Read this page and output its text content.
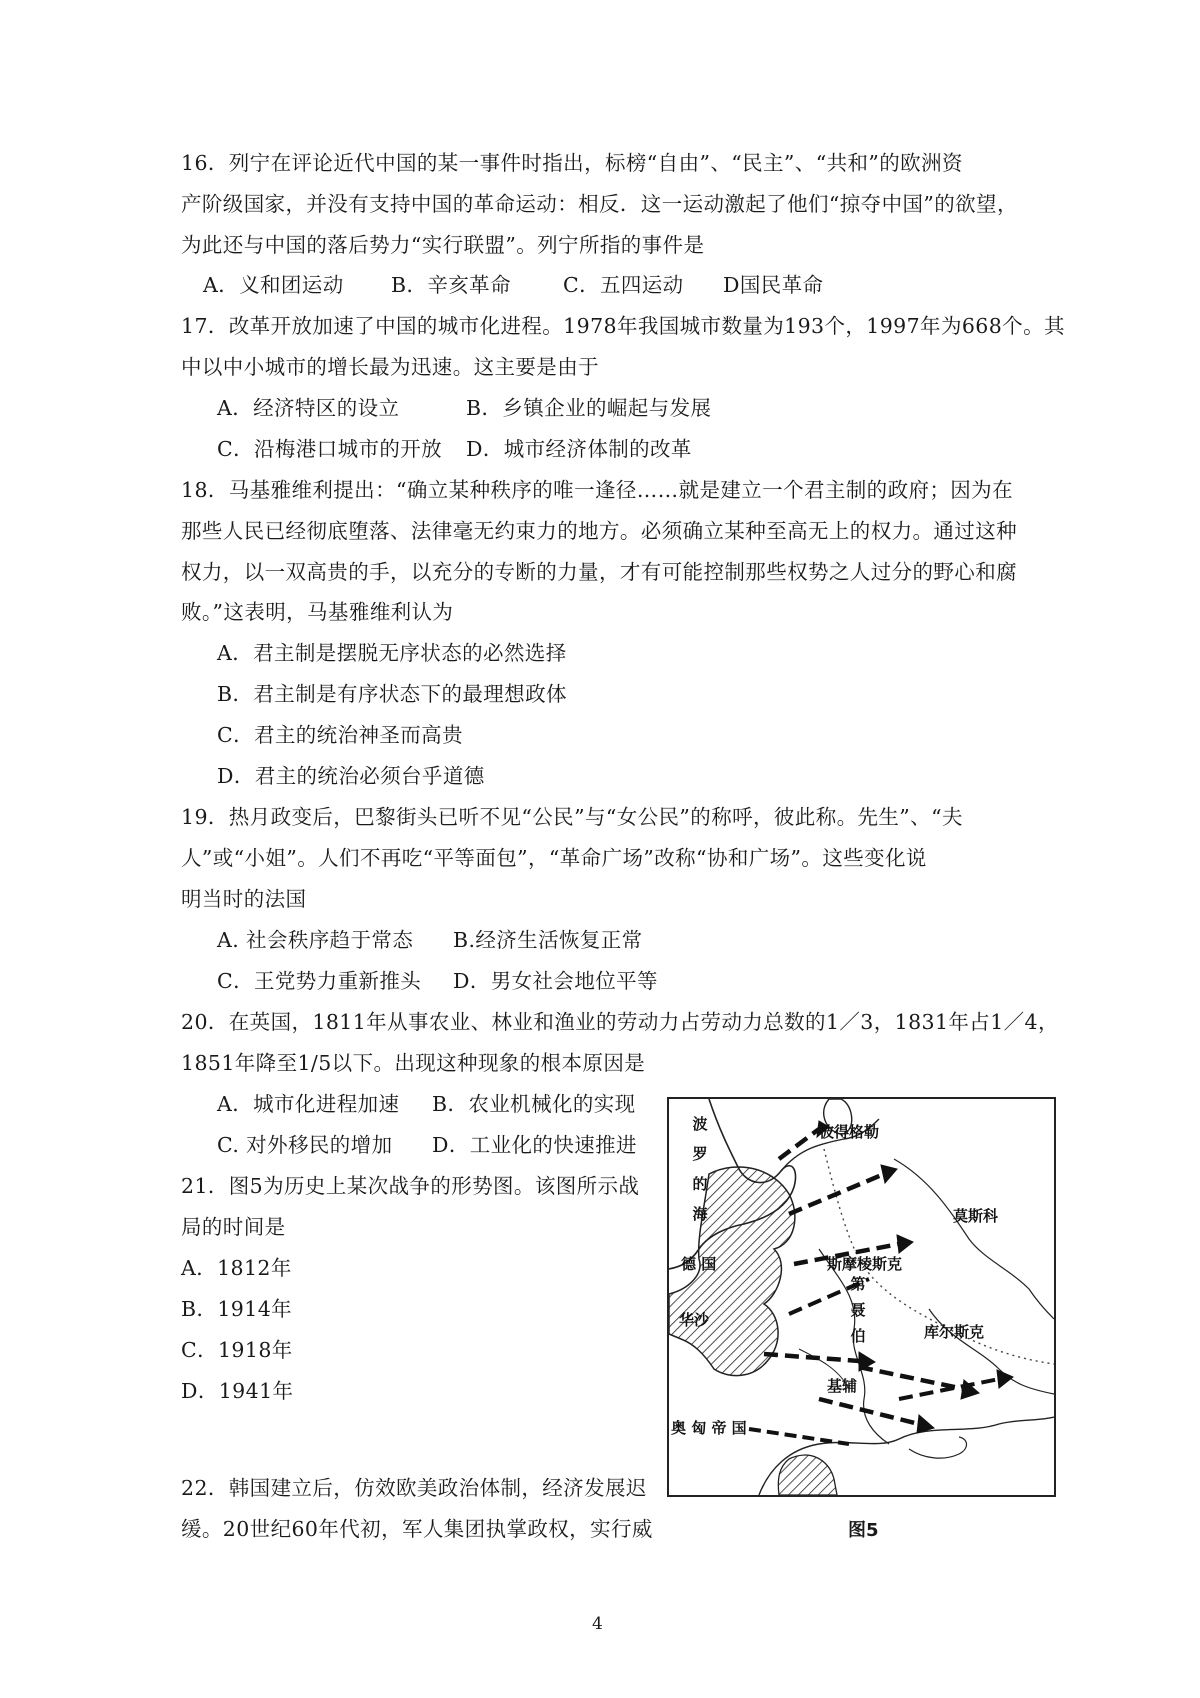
16．列宁在评论近代中国的某一事件时指出，标榜“自由”、“民主”、“共和”的欧洲资
产阶级国家，并没有支持中国的革命运动：相反．这一运动激起了他们“掠夺中国”的欲望，
为此还与中国的落后势力“实行联盟”。列宁所指的事件是
A．义和团运动 B．辛亥革命	C．五四运动 D国民革命
17．改革开放加速了中国的城市化进程。1978年我国城市数量为193个，1997年为668个。其
中以中小城市的增长最为迅速。这主要是由于
A．经济特区的设立	B．乡镇企业的崛起与发展
C．沿梅港口城市的开放 D．城市经济体制的改革
18．马基雅维利提出：“确立某种秩序的唯一逢径……就是建立一个君主制的政府；因为在
那些人民已经彻底堕落、法律毫无约束力的地方。必须确立某种至高无上的权力。通过这种
权力，以一双高贵的手，以充分的专断的力量，才有可能控制那些权势之人过分的野心和腐
败。”这表明，马基雅维利认为
A．君主制是摆脱无序状态的必然选择
B．君主制是有序状态下的最理想政体
C．君主的统治神圣而高贵
D．君主的统治必须台乎道德
19．热月政变后，巴黎街头已听不见“公民”与“女公民”的称呼，彼此称。先生”、“夫
人”或“小姐”。人们不再吃“平等面包”，“革命广场”改称“协和广场”。这些变化说
明当时的法国
A. 社会秩序趋于常态 B.经济生活恢复正常
C．王党势力重新推头 D．男女社会地位平等
20．在英国，1811年从事农业、林业和渔业的劳动力占劳动力总数的1／3，1831年占1／4，
1851年降至1/5以下。出现这种现象的根本原因是
A．城市化进程加速 B．农业机械化的实现
C. 对外移民的增加 D．工业化的快速推进
21．图5为历史上某次战争的形势图。该图所示战
局的时间是
A．1812年
B．1914年
C．1918年
D．1941年
22．韩国建立后，仿效欧美政治体制，经济发展迟
缓。20世纪60年代初，军人集团执掌政权，实行威
波
罗
的
海
彼得格勒
莫斯科
德 国	斯摩棱斯克
华沙
库尔斯克
基辅
奥 匈 帝 国
第
聂
伯
图5
4
